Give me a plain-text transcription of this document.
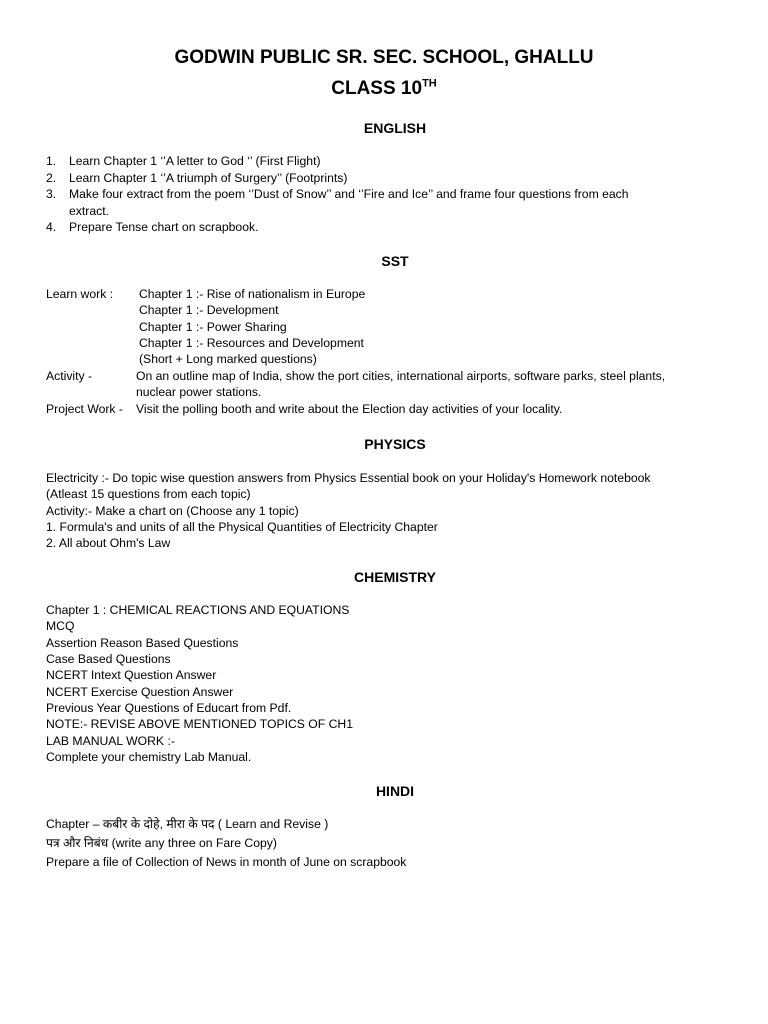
GODWIN PUBLIC SR. SEC. SCHOOL, GHALLU
CLASS 10TH
ENGLISH
1. Learn Chapter 1 ‘’A letter to God ‘’ (First Flight)
2. Learn Chapter 1 ‘’A triumph of Surgery’’ (Footprints)
3. Make four extract from the poem ‘’Dust of Snow’’ and ‘’Fire and Ice’’ and frame four questions from each
extract.
4. Prepare Tense chart on scrapbook.
SST
Learn work : Chapter 1 :- Rise of nationalism in Europe
Chapter 1 :- Development
Chapter 1 :- Power Sharing
Chapter 1 :- Resources and Development
(Short + Long marked questions)
Activity -	On an outline map of India, show the port cities, international airports, software parks, steel plants,
nuclear power stations.
Project Work - Visit the polling booth and write about the Election day activities of your locality.
PHYSICS
Electricity :- Do topic wise question answers from Physics Essential book on your Holiday's Homework notebook
(Atleast 15 questions from each topic)
Activity:- Make a chart on (Choose any 1 topic)
1. Formula's and units of all the Physical Quantities of Electricity Chapter
2. All about Ohm's Law
CHEMISTRY
Chapter 1 : CHEMICAL REACTIONS AND EQUATIONS
MCQ
Assertion Reason Based Questions
Case Based Questions
NCERT Intext Question Answer
NCERT Exercise Question Answer
Previous Year Questions of Educart from Pdf.
NOTE:- REVISE ABOVE MENTIONED TOPICS OF CH1
LAB MANUAL WORK :-
Complete your chemistry Lab Manual.
HINDI
Chapter – कबीर के दोहे, मीरा के पद ( Learn and Revise )
पत्र और निबंध (write any three on Fare Copy)
Prepare a file of Collection of News in month of June on scrapbook
